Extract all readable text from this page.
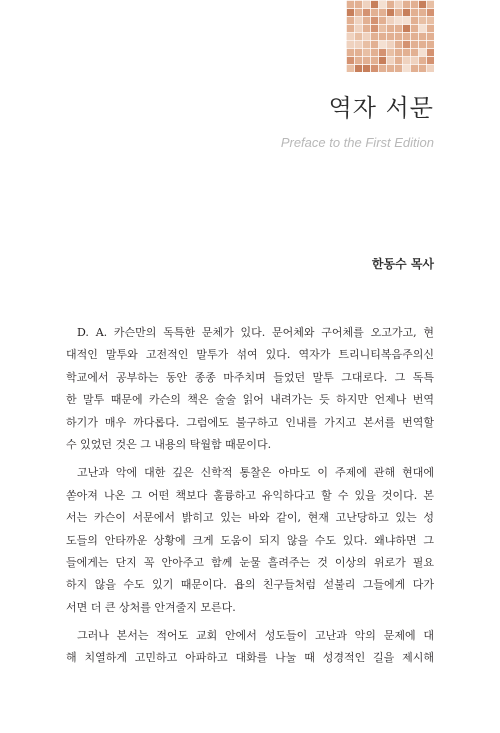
역자 서문

Preface to the First Edition

한동수 목사

D. A. 카슨만의 독특한 문체가 있다. 문어체와 구어체를 오고가고, 현
대적인 말투와 고전적인 말투가 섞여 있다. 역자가 트리니티복음주의신
학교에서 공부하는 동안 종종 마주치며 들었던 말투 그대로다. 그 독특
한 말투 때문에 카슨의 책은 술술 읽어 내려가는 듯 하지만 언제나 번역
하기가 매우 까다롭다. 그럼에도 불구하고 인내를 가지고 본서를 번역할
수 있었던 것은 그 내용의 탁월함 때문이다.
고난과 악에 대한 깊은 신학적 통찰은 아마도 이 주제에 관해 현대에
쏟아져 나온 그 어떤 책보다 훌륭하고 유익하다고 할 수 있을 것이다. 본
서는 카슨이 서문에서 밝히고 있는 바와 같이, 현재 고난당하고 있는 성
도들의 안타까운 상황에 크게 도움이 되지 않을 수도 있다. 왜냐하면 그
들에게는 단지 꼭 안아주고 함께 눈물 흘려주는 것 이상의 위로가 필요
하지 않을 수도 있기 때문이다. 욥의 친구들처럼 섣불리 그들에게 다가
서면 더 큰 상처를 안겨줄지 모른다.
그러나 본서는 적어도 교회 안에서 성도들이 고난과 악의 문제에 대
해 치열하게 고민하고 아파하고 대화를 나눌 때 성경적인 길을 제시해
